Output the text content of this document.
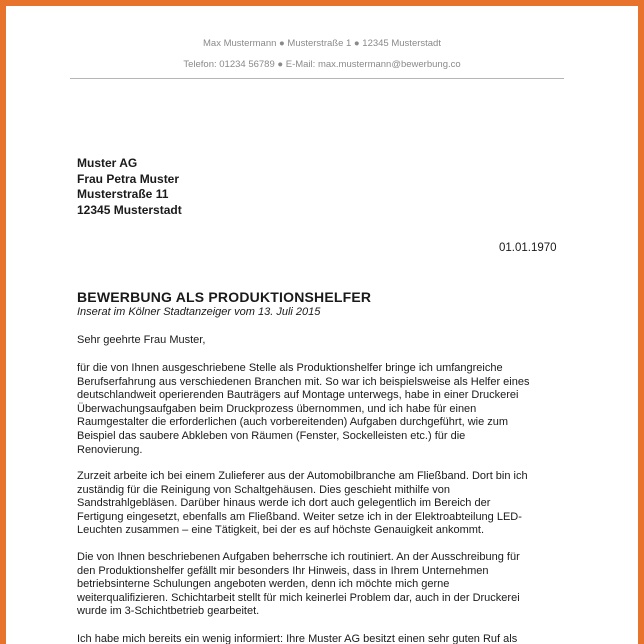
Max Mustermann ● Musterstraße 1 ● 12345 Musterstadt
Telefon: 01234 56789 ● E-Mail: max.mustermann@bewerbung.co
Muster AG
Frau Petra Muster
Musterstraße 11
12345 Musterstadt
01.01.1970
BEWERBUNG ALS PRODUKTIONSHELFER
Inserat im Kölner Stadtanzeiger vom 13. Juli 2015
Sehr geehrte Frau Muster,
für die von Ihnen ausgeschriebene Stelle als Produktionshelfer bringe ich umfangreiche
Berufserfahrung aus verschiedenen Branchen mit. So war ich beispielsweise als Helfer eines
deutschlandweit operierenden Bauträgers auf Montage unterwegs, habe in einer Druckerei
Überwachungsaufgaben beim Druckprozess übernommen, und ich habe für einen
Raumgestalter die erforderlichen (auch vorbereitenden) Aufgaben durchgeführt, wie zum
Beispiel das saubere Abkleben von Räumen (Fenster, Sockelleisten etc.) für die
Renovierung.
Zurzeit arbeite ich bei einem Zulieferer aus der Automobilbranche am Fließband. Dort bin ich
zuständig für die Reinigung von Schaltgehäusen. Dies geschieht mithilfe von
Sandstrahlgebläsen. Darüber hinaus werde ich dort auch gelegentlich im Bereich der
Fertigung eingesetzt, ebenfalls am Fließband. Weiter setze ich in der Elektroabteilung LED-
Leuchten zusammen – eine Tätigkeit, bei der es auf höchste Genauigkeit ankommt.
Die von Ihnen beschriebenen Aufgaben beherrsche ich routiniert. An der Ausschreibung für
den Produktionshelfer gefällt mir besonders Ihr Hinweis, dass in Ihrem Unternehmen
betriebsinterne Schulungen angeboten werden, denn ich möchte mich gerne
weiterqualifizieren. Schichtarbeit stellt für mich keinerlei Problem dar, auch in der Druckerei
wurde im 3-Schichtbetrieb gearbeitet.
Ich habe mich bereits ein wenig informiert: Ihre Muster AG besitzt einen sehr guten Ruf als
